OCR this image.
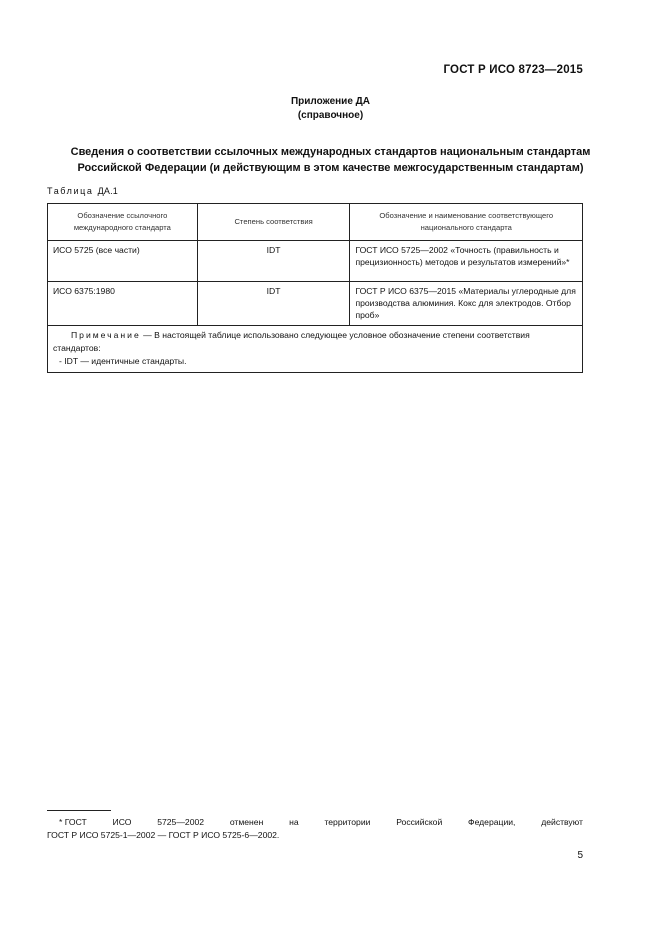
ГОСТ Р ИСО 8723—2015
Приложение ДА
(справочное)
Сведения о соответствии ссылочных международных стандартов национальным стандартам Российской Федерации (и действующим в этом качестве межгосударственным стандартам)
Таблица ДА.1
Обозначение ссылочного международного стандарта	Степень соответствия	Обозначение и наименование соответствующего национального стандарта
ИСО 5725 (все части)	IDT	ГОСТ ИСО 5725—2002 «Точность (правильность и прецизионность) методов и результатов измерений»*
ИСО 6375:1980	IDT	ГОСТ Р ИСО 6375—2015 «Материалы углеродные для производства алюминия. Кокс для электродов. Отбор проб»
Примечание — В настоящей таблице использовано следующее условное обозначение степени соответствия стандартов:
- IDT — идентичные стандарты.		
* ГОСТ	ИСО	5725—2002	отменен	на	территории	Российской	Федерации,	действуют
ГОСТ Р ИСО 5725-1—2002 — ГОСТ Р ИСО 5725-6—2002.
5
